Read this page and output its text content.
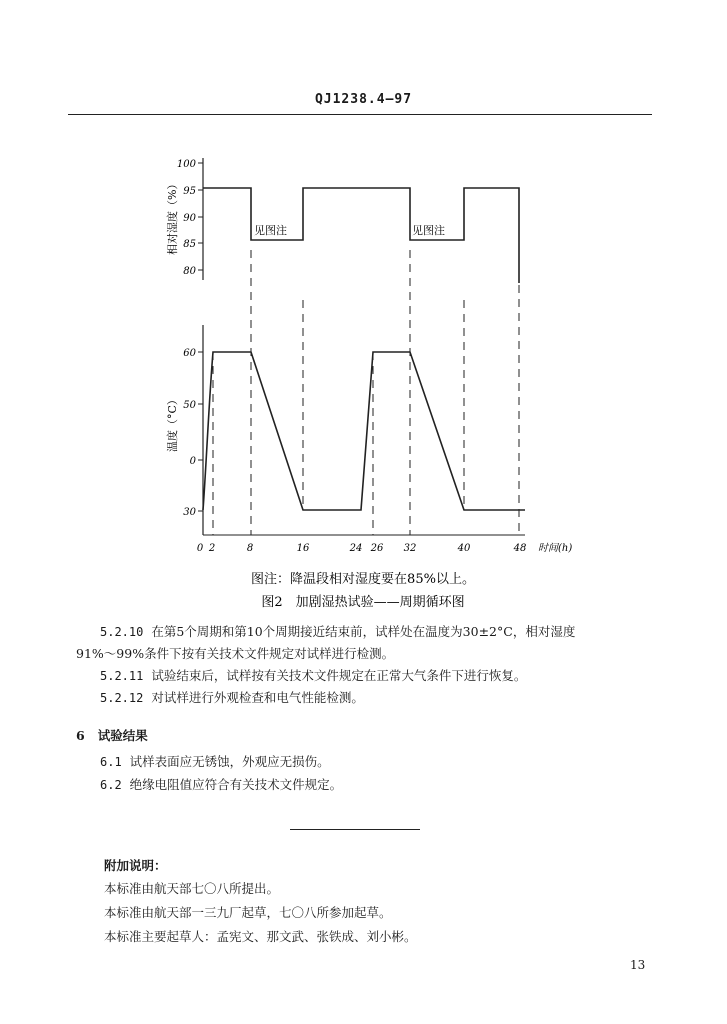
QJ1238.4—97
100
95
90
85
80
相对湿度（%）	见图注	见图注
60
50
0
30
温度（°C）
0 2	8	16	24 26 32	40	48 时间(h)
图注：降温段相对湿度要在85%以上。
图2　加剧湿热试验——周期循环图
5.2.10 在第5个周期和第10个周期接近结束前，试样处在温度为30±2°C，相对湿度
91%～99%条件下按有关技术文件规定对试样进行检测。
5.2.11 试验结束后，试样按有关技术文件规定在正常大气条件下进行恢复。
5.2.12 对试样进行外观检查和电气性能检测。
6 试验结果
6.1 试样表面应无锈蚀，外观应无损伤。
6.2 绝缘电阻值应符合有关技术文件规定。
附加说明：
本标准由航天部七〇八所提出。
本标准由航天部一三九厂起草，七〇八所参加起草。
本标准主要起草人：孟宪文、那文武、张铁成、刘小彬。
13
